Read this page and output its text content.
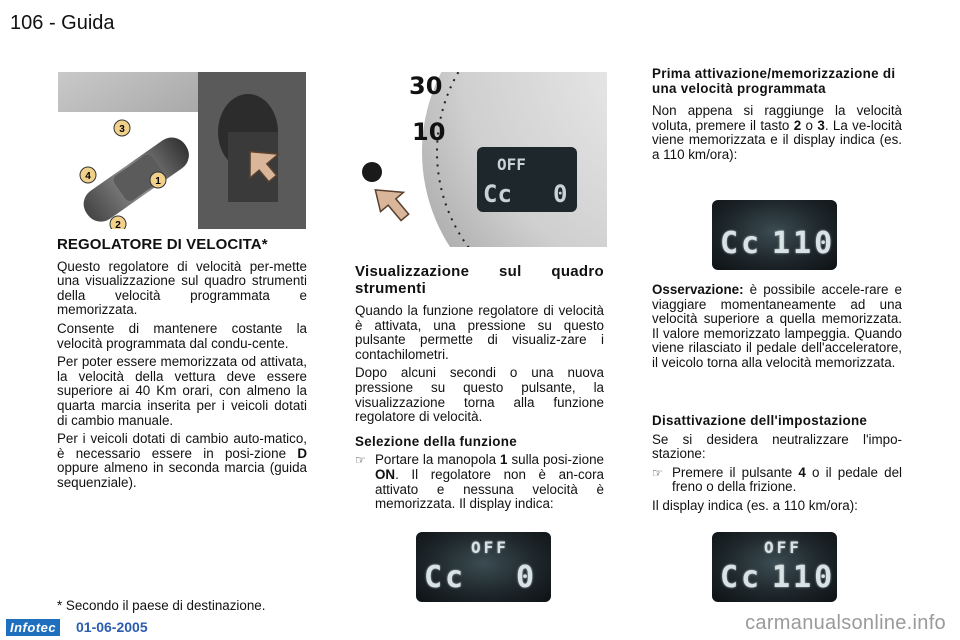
106 - Guida
1
2
3
4
30
10
OFF
Cc 0
REGOLATORE DI VELOCITA*

Questo regolatore di velocità per-mette una visualizzazione sul quadro strumenti della velocità programmata e memorizzata.

Consente di mantenere costante la velocità programmata dal condu-cente.

Per poter essere memorizzata od attivata, la velocità della vettura deve essere superiore ai 40 Km orari, con almeno la quarta marcia inserita per i veicoli dotati di cambio manuale.

Per i veicoli dotati di cambio auto-matico, è necessario essere in posi-zione D oppure almeno in seconda marcia (guida sequenziale).

* Secondo il paese di destinazione.
Visualizzazione sul quadro strumenti

Quando la funzione regolatore di velocità è attivata, una pressione su questo pulsante permette di visualiz-zare i contachilometri.

Dopo alcuni secondi o una nuova pressione su questo pulsante, la visualizzazione torna alla funzione regolatore di velocità.

Selezione della funzione
☞ Portare la manopola 1 sulla posi-zione ON. Il regolatore non è an-cora attivato e nessuna velocità è memorizzata. Il display indica:
Prima attivazione/memorizzazione di una velocità programmata

Non appena si raggiunge la velocità voluta, premere il tasto 2 o 3. La ve-locità viene memorizzata e il display indica (es. a 110 km/ora):

Osservazione: è possibile accele-rare e viaggiare momentaneamente ad una velocità superiore a quella memorizzata. Il valore memorizzato lampeggia. Quando viene rilasciato il pedale dell'acceleratore, il veicolo torna alla velocità memorizzata.

Disattivazione dell'impostazione

Se si desidera neutralizzare l'impo-stazione:

☞ Premere il pulsante 4 o il pedale del freno o della frizione.

Il display indica (es. a 110 km/ora):

Cc 110
OFF
Cc 0
OFF
Cc 110
Infotec 01-06-2005	carmanualsonline.info
